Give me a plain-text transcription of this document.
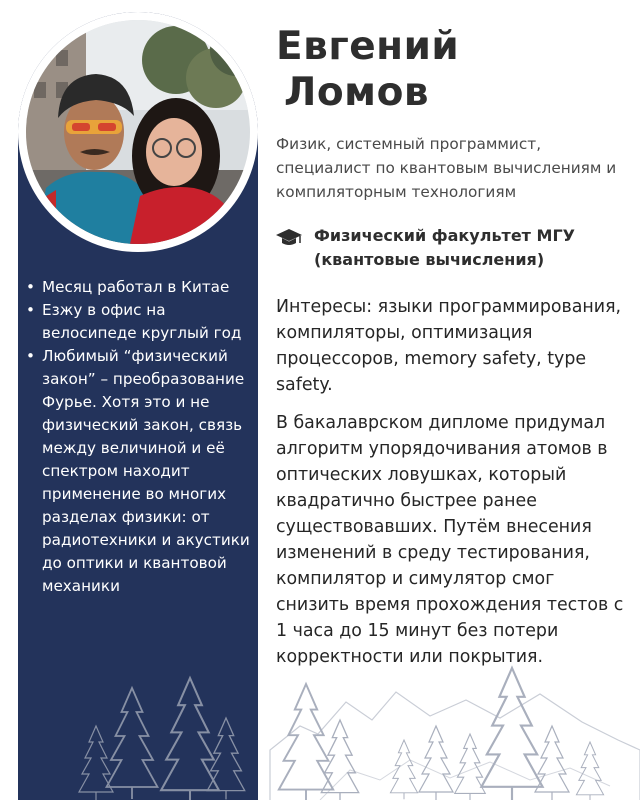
• Месяц работал в Китае
• Езжу в офис на велосипеде круглый год
• Любимый “физический закон” – преобразование Фурье. Хотя это и не физический закон, связь между величиной и её спектром находит применение во многих разделах физики: от радиотехники и акустики до оптики и квантовой механики
Евгений
Ломов

Физик, системный программист, специалист по квантовым вычислениям и компиляторным технологиям

Физический факультет МГУ (квантовые вычисления)

Интересы: языки программирования, компиляторы, оптимизация процессоров, memory safety, type safety.

В бакалаврском дипломе придумал алгоритм упорядочивания атомов в оптических ловушках, который квадратично быстрее ранее существовавших. Путём внесения изменений в среду тестирования, компилятор и симулятор смог снизить время прохождения тестов с 1 часа до 15 минут без потери корректности или покрытия.
